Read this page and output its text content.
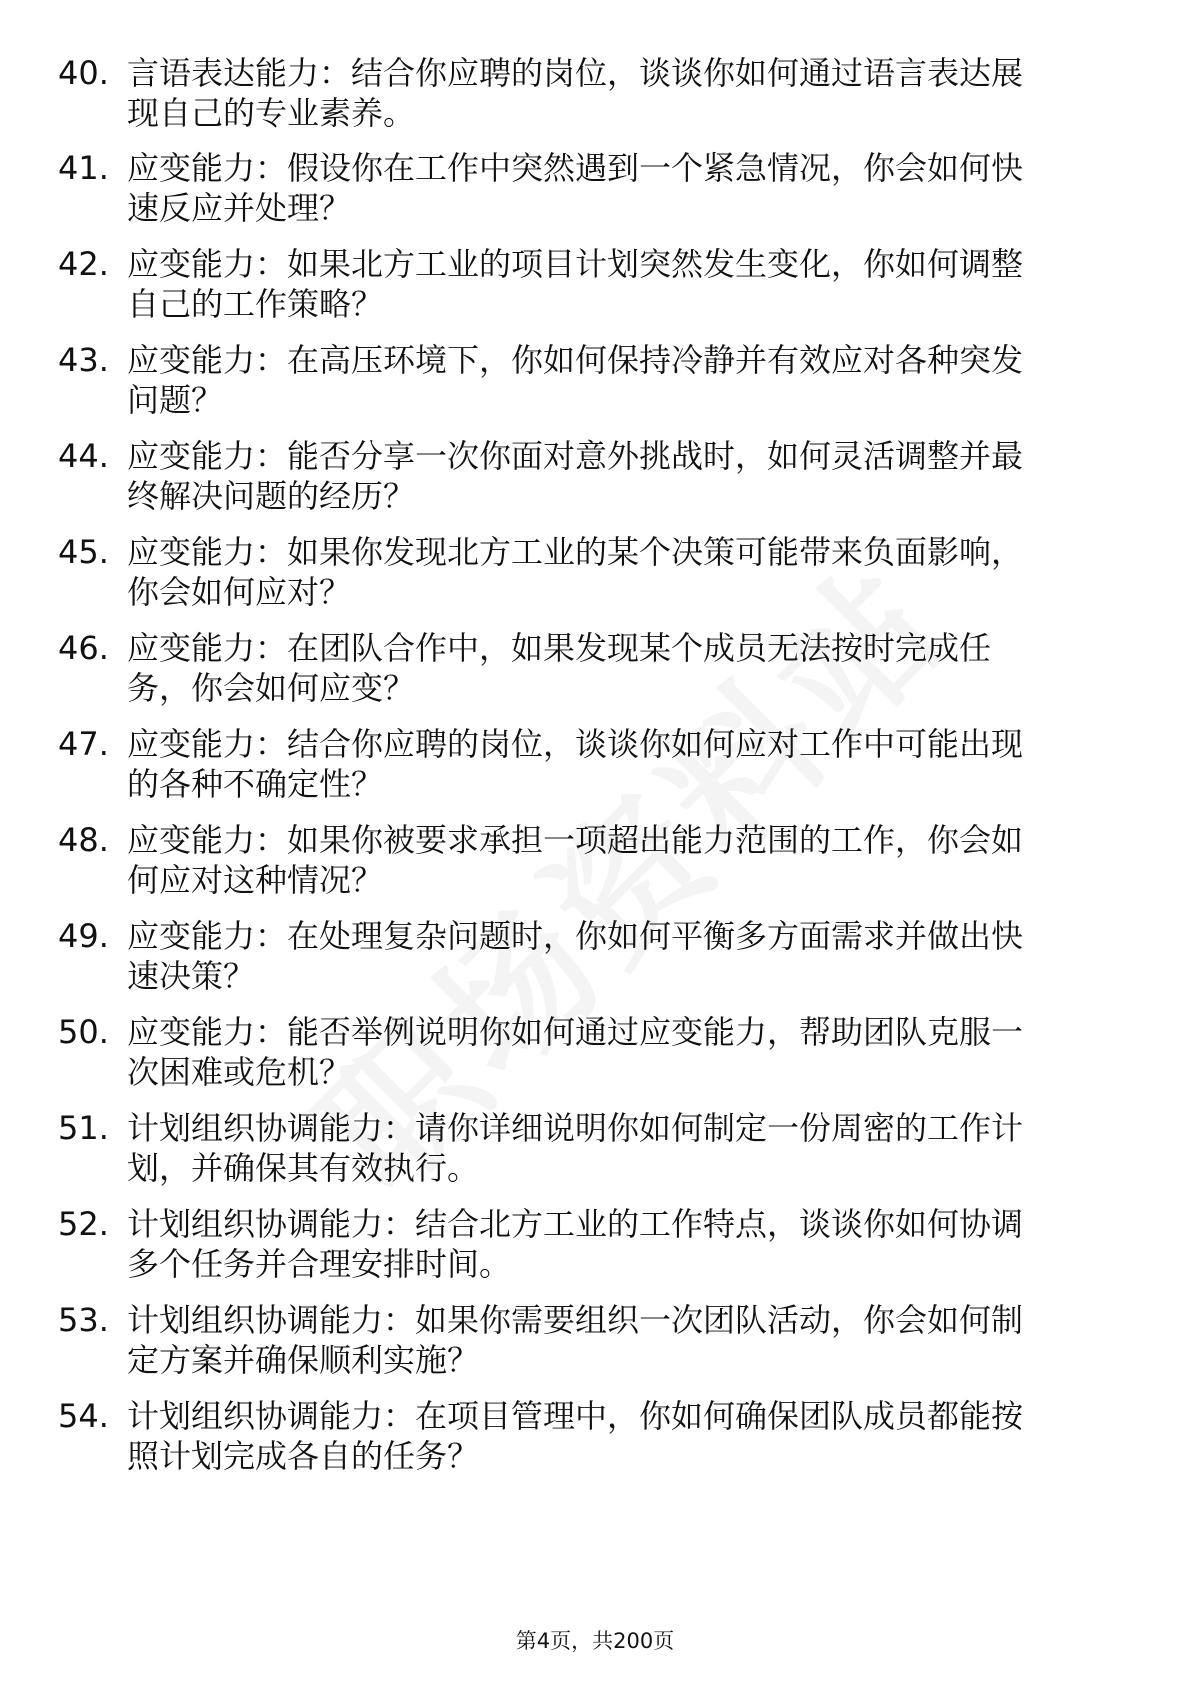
40. 言语表达能力：结合你应聘的岗位，谈谈你如何通过语言表达展
现自己的专业素养。
41. 应变能力：假设你在工作中突然遇到一个紧急情况，你会如何快
速反应并处理？
42. 应变能力：如果北方工业的项目计划突然发生变化，你如何调整
自己的工作策略？
43. 应变能力：在高压环境下，你如何保持冷静并有效应对各种突发
问题？
44. 应变能力：能否分享一次你面对意外挑战时，如何灵活调整并最
终解决问题的经历？
45. 应变能力：如果你发现北方工业的某个决策可能带来负面影响，
你会如何应对？
46. 应变能力：在团队合作中，如果发现某个成员无法按时完成任
务，你会如何应变？
47. 应变能力：结合你应聘的岗位，谈谈你如何应对工作中可能出现
的各种不确定性？
48. 应变能力：如果你被要求承担一项超出能力范围的工作，你会如
何应对这种情况？
49. 应变能力：在处理复杂问题时，你如何平衡多方面需求并做出快
速决策？
50. 应变能力：能否举例说明你如何通过应变能力，帮助团队克服一
次困难或危机？
51. 计划组织协调能力：请你详细说明你如何制定一份周密的工作计
划，并确保其有效执行。
52. 计划组织协调能力：结合北方工业的工作特点，谈谈你如何协调
多个任务并合理安排时间。
53. 计划组织协调能力：如果你需要组织一次团队活动，你会如何制
定方案并确保顺利实施？
54. 计划组织协调能力：在项目管理中，你如何确保团队成员都能按
照计划完成各自的任务？
第4页，共200页
